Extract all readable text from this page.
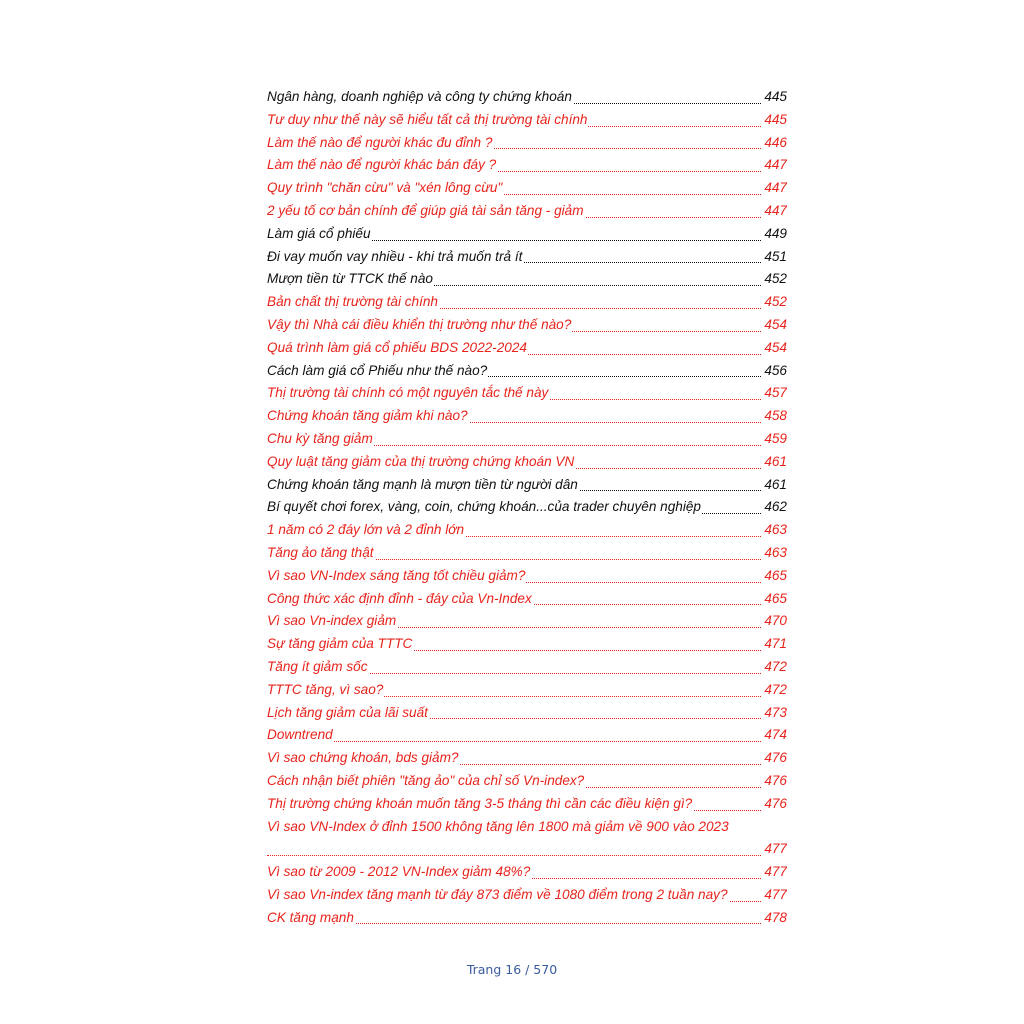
Ngân hàng, doanh nghiệp và công ty chứng khoán	445
Tư duy như thế này sẽ hiểu tất cả thị trường tài chính	445
Làm thế nào để người khác đu đỉnh ?	446
Làm thế nào để người khác bán đáy ?	447
Quy trình "chăn cừu" và "xén lông cừu"	447
2 yếu tố cơ bản chính để giúp giá tài sản tăng - giảm	447
Làm giá cổ phiếu	449
Đi vay muốn vay nhiều - khi trả muốn trả ít	451
Mượn tiền từ TTCK thế nào	452
Bản chất thị trường tài chính	452
Vậy thì Nhà cái điều khiển thị trường như thế nào?	454
Quá trình làm giá cổ phiếu BDS 2022-2024	454
Cách làm giá cổ Phiếu như thế nào?	456
Thị trường tài chính có một nguyên tắc thế này	457
Chứng khoán tăng giảm khi nào?	458
Chu kỳ tăng giảm	459
Quy luật tăng giảm của thị trường chứng khoán VN	461
Chứng khoán tăng mạnh là mượn tiền từ người dân	461
Bí quyết chơi forex, vàng, coin, chứng khoán...của trader chuyên nghiệp	462
1 năm có 2 đáy lớn và 2 đỉnh lớn	463
Tăng ảo tăng thật	463
Vì sao VN-Index sáng tăng tốt chiều giảm?	465
Công thức xác định đỉnh - đáy của Vn-Index	465
Vì sao Vn-index giảm	470
Sự tăng giảm của TTTC	471
Tăng ít giảm sốc	472
TTTC tăng, vì sao?	472
Lịch tăng giảm của lãi suất	473
Downtrend	474
Vì sao chứng khoán, bds giảm?	476
Cách nhận biết phiên "tăng ảo" của chỉ số Vn-index?	476
Thị trường chứng khoán muốn tăng 3-5 tháng thì cần các điều kiện gì?	476
Vì sao VN-Index ở đỉnh 1500 không tăng lên 1800 mà giảm về 900 vào 2023
477
Vì sao từ 2009 - 2012 VN-Index giảm 48%?	477
Vì sao Vn-index tăng mạnh từ đáy 873 điểm về 1080 điểm trong 2 tuần nay?	477
CK tăng mạnh	478
Trang 16 / 570
